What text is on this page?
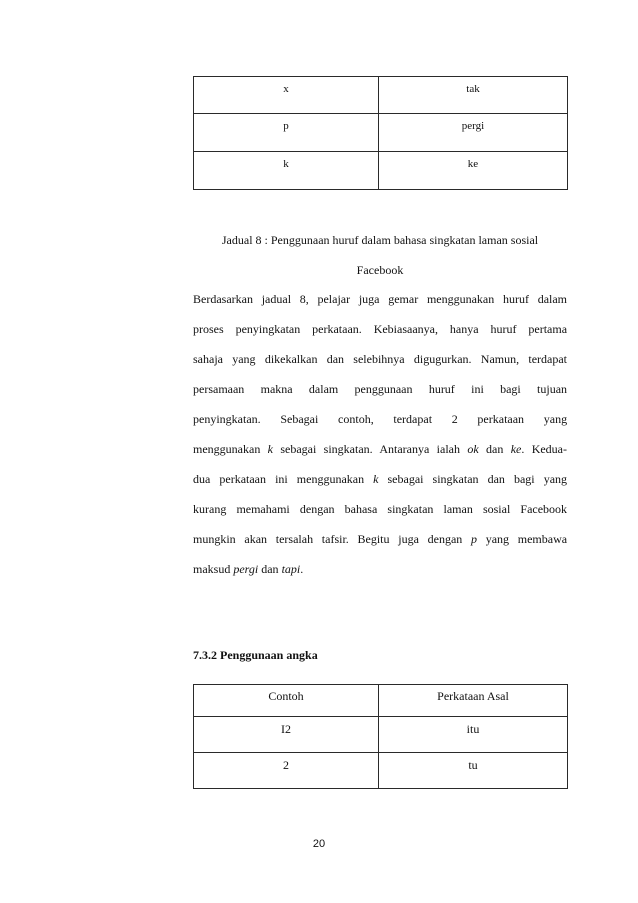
x	tak
p	pergi
k	ke
Jadual 8 : Penggunaan huruf dalam bahasa singkatan laman sosial
Facebook
Berdasarkan jadual 8, pelajar juga gemar menggunakan huruf dalam
proses penyingkatan perkataan. Kebiasaanya, hanya huruf pertama
sahaja yang dikekalkan dan selebihnya digugurkan. Namun, terdapat
persamaan makna dalam penggunaan huruf ini bagi tujuan
penyingkatan. Sebagai contoh, terdapat 2 perkataan yang
menggunakan k sebagai singkatan. Antaranya ialah ok dan ke. Kedua-
dua perkataan ini menggunakan k sebagai singkatan dan bagi yang
kurang memahami dengan bahasa singkatan laman sosial Facebook
mungkin akan tersalah tafsir. Begitu juga dengan p yang membawa
maksud pergi dan tapi.
7.3.2 Penggunaan angka
Contoh	Perkataan Asal
I2	itu
2	tu
20
